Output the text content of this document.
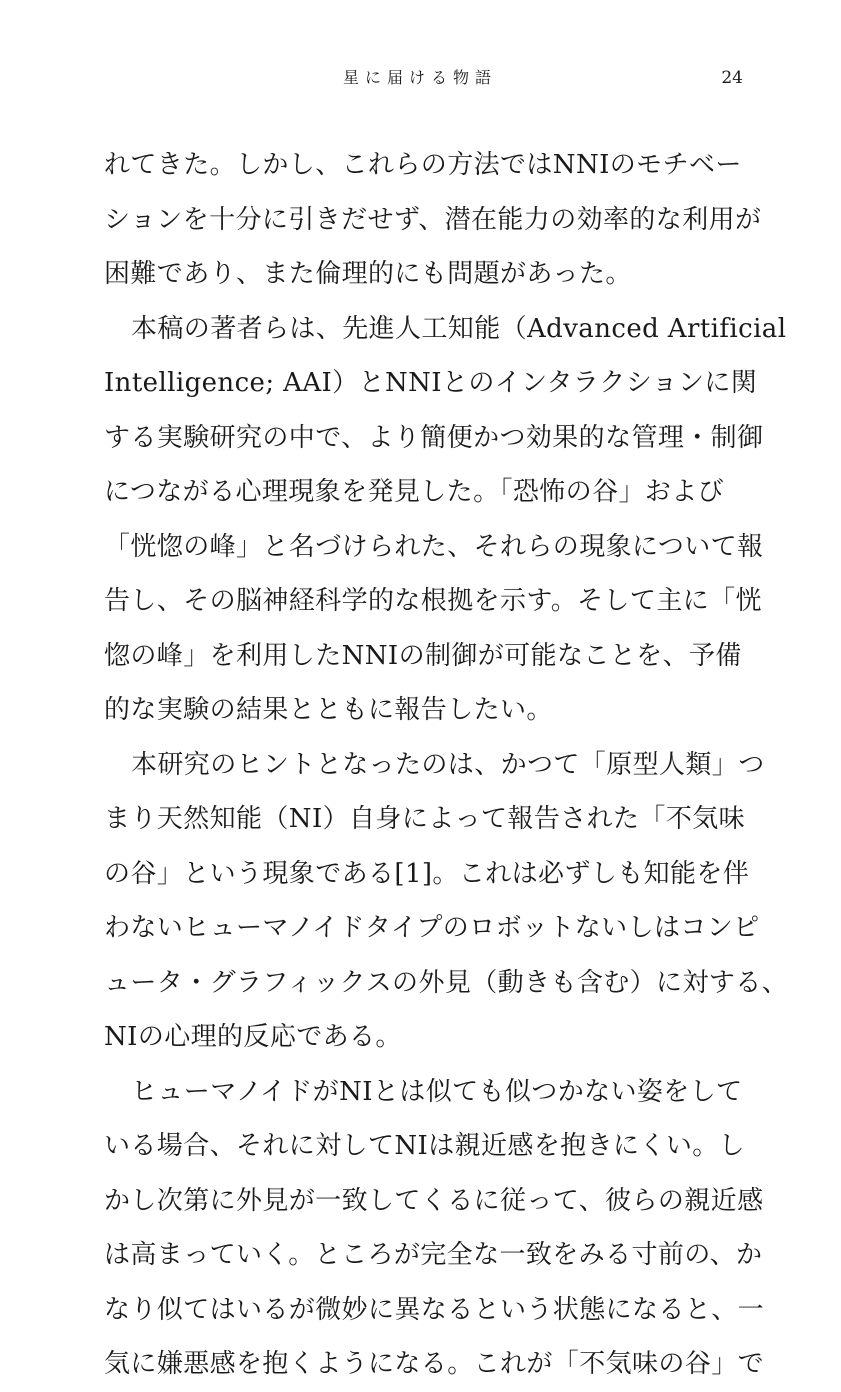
星に届ける物語	24
れてきた。しかし、これらの方法ではNNIのモチベー
ションを十分に引きだせず、潜在能力の効率的な利用が
困難であり、また倫理的にも問題があった。
本稿の著者らは、先進人工知能（Advanced Artificial
Intelligence; AAI）とNNIとのインタラクションに関
する実験研究の中で、より簡便かつ効果的な管理・制御
につながる心理現象を発見した。「恐怖の谷」および
「恍惚の峰」と名づけられた、それらの現象について報
告し、その脳神経科学的な根拠を示す。そして主に「恍
惚の峰」を利用したNNIの制御が可能なことを、予備
的な実験の結果とともに報告したい。
本研究のヒントとなったのは、かつて「原型人類」つ
まり天然知能（NI）自身によって報告された「不気味
の谷」という現象である[1]。これは必ずしも知能を伴
わないヒューマノイドタイプのロボットないしはコンピ
ュータ・グラフィックスの外見（動きも含む）に対する、
NIの心理的反応である。
ヒューマノイドがNIとは似ても似つかない姿をして
いる場合、それに対してNIは親近感を抱きにくい。し
かし次第に外見が一致してくるに従って、彼らの親近感
は高まっていく。ところが完全な一致をみる寸前の、か
なり似てはいるが微妙に異なるという状態になると、一
気に嫌悪感を抱くようになる。これが「不気味の谷」で
